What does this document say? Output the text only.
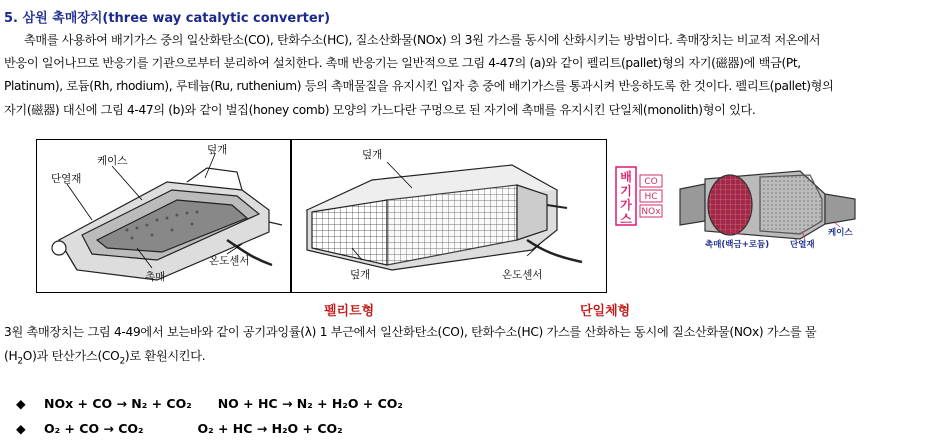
5. 삼원 촉매장치(three way catalytic converter)
촉매를 사용하여 배기가스 중의 일산화탄소(CO), 탄화수소(HC), 질소산화물(NOx) 의 3원 가스를 동시에 산화시키는 방법이다. 촉매장치는 비교적 저온에서
반응이 일어나므로 반응기를 기관으로부터 분리하여 설치한다. 촉매 반응기는 일반적으로 그림 4-47의 (a)와 같이 펠리트(pallet)형의 자기(磁器)에 백금(Pt,
Platinum), 로듐(Rh, rhodium), 루테늄(Ru, ruthenium) 등의 촉매물질을 유지시킨 입자 층 중에 배기가스를 통과시켜 반응하도록 한 것이다. 펠리트(pallet)형의
자기(磁器) 대신에 그림 4-47의 (b)와 같이 벌집(honey comb) 모양의 가느다란 구멍으로 된 자기에 촉매를 유지시킨 단일체(monolith)형이 있다.
덮개
케이스
단열재
촉매
온도센서
덮개
덮개	온도센서
배
기
가
스
CO
HC
NOx
촉매(백금+로듐) 단열재
케이스
펠리트형	단일체형
3원 촉매장치는 그림 4-49에서 보는바와 같이 공기과잉률(λ) 1 부근에서 일산화탄소(CO), 탄화수소(HC) 가스를 산화하는 동시에 질소산화물(NOx) 가스를 물
$(H_2O)$과 탄산가스$(CO_2)$로 환원시킨다.
◆ NOx + CO → N₂ + CO₂ NO + HC → N₂ + H₂O + CO₂
◆ O₂ + CO → CO₂	O₂ + HC → H₂O + CO₂
